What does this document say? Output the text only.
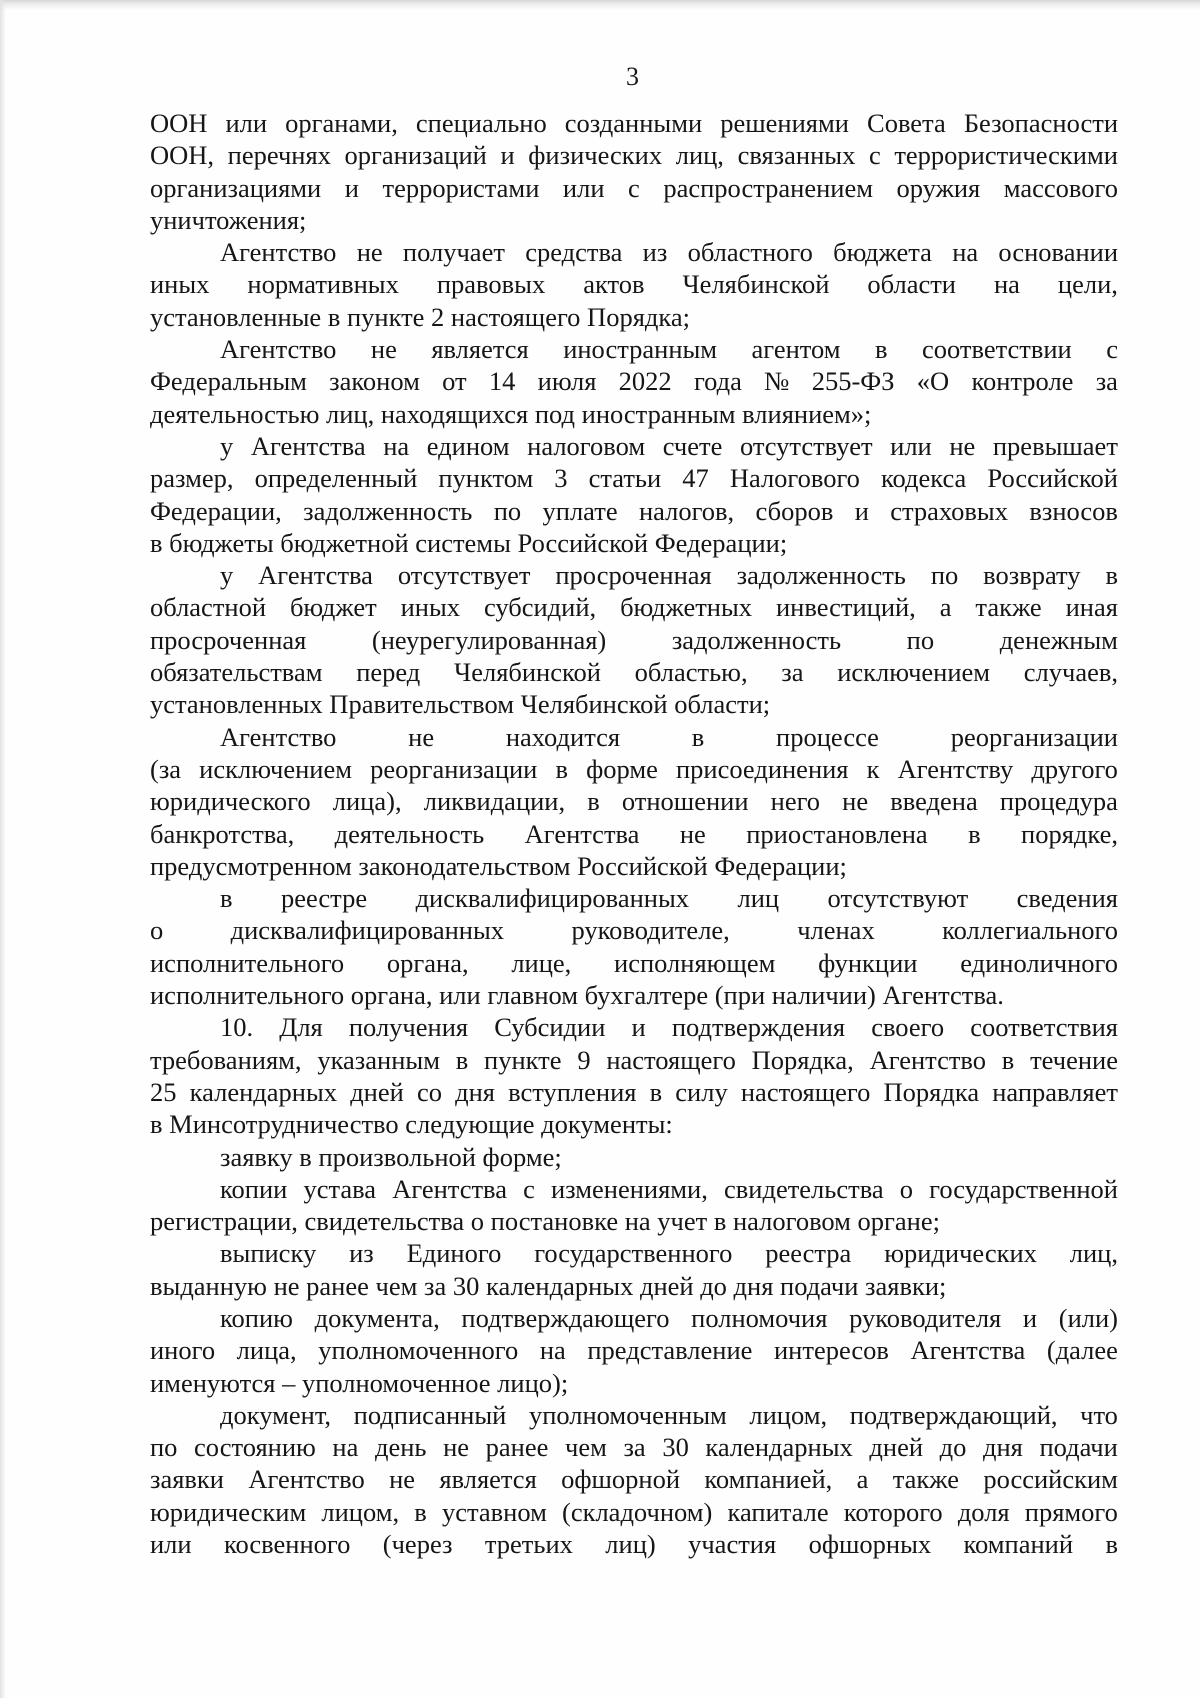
3
ООН или органами, специально созданными решениями Совета Безопасности
ООН, перечнях организаций и физических лиц, связанных с террористическими
организациями и террористами или с распространением оружия массового
уничтожения;
Агентство не получает средства из областного бюджета на основании
иных нормативных правовых актов Челябинской области на цели,
установленные в пункте 2 настоящего Порядка;
Агентство не является иностранным агентом в соответствии с
Федеральным законом от 14 июля 2022 года № 255-ФЗ «О контроле за
деятельностью лиц, находящихся под иностранным влиянием»;
у Агентства на едином налоговом счете отсутствует или не превышает
размер, определенный пунктом 3 статьи 47 Налогового кодекса Российской
Федерации, задолженность по уплате налогов, сборов и страховых взносов
в бюджеты бюджетной системы Российской Федерации;
у Агентства отсутствует просроченная задолженность по возврату в
областной бюджет иных субсидий, бюджетных инвестиций, а также иная
просроченная (неурегулированная) задолженность по денежным
обязательствам перед Челябинской областью, за исключением случаев,
установленных Правительством Челябинской области;
Агентство	не	находится	в	процессе	реорганизации
(за исключением реорганизации в форме присоединения к Агентству другого
юридического лица), ликвидации, в отношении него не введена процедура
банкротства, деятельность Агентства не приостановлена в порядке,
предусмотренном законодательством Российской Федерации;
в реестре дисквалифицированных лиц отсутствуют сведения
о	дисквалифицированных	руководителе,	членах	коллегиального
исполнительного органа, лице, исполняющем функции единоличного
исполнительного органа, или главном бухгалтере (при наличии) Агентства.
10. Для получения Субсидии и подтверждения своего соответствия
требованиям, указанным в пункте 9 настоящего Порядка, Агентство в течение
25 календарных дней со дня вступления в силу настоящего Порядка направляет
в Минсотрудничество следующие документы:
заявку в произвольной форме;
копии устава Агентства с изменениями, свидетельства о государственной
регистрации, свидетельства о постановке на учет в налоговом органе;
выписку из Единого государственного реестра юридических лиц,
выданную не ранее чем за 30 календарных дней до дня подачи заявки;
копию документа, подтверждающего полномочия руководителя и (или)
иного лица, уполномоченного на представление интересов Агентства (далее
именуются – уполномоченное лицо);
документ, подписанный уполномоченным лицом, подтверждающий, что
по состоянию на день не ранее чем за 30 календарных дней до дня подачи
заявки Агентство не является офшорной компанией, а также российским
юридическим лицом, в уставном (складочном) капитале которого доля прямого
или косвенного (через третьих лиц) участия офшорных компаний в
